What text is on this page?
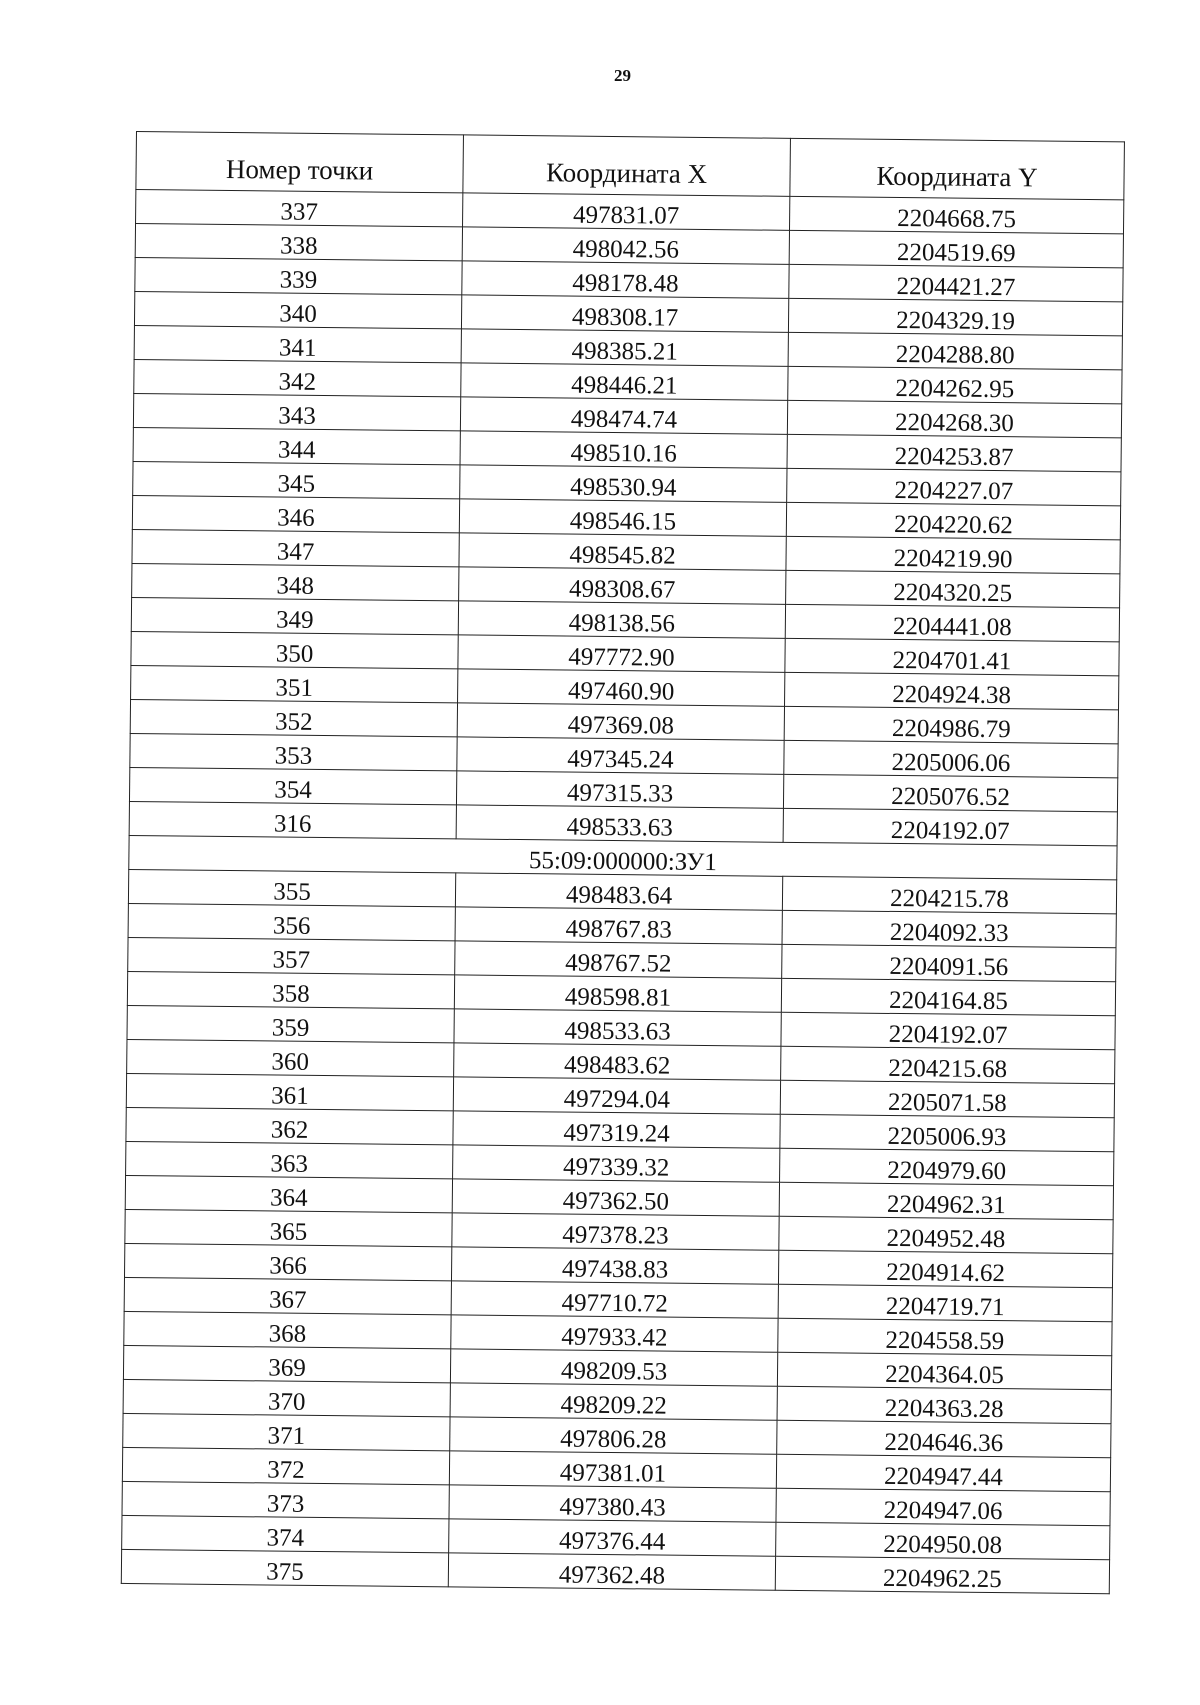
29
Номер точки	Координата X	Координата Y
337	497831.07	2204668.75
338	498042.56	2204519.69
339	498178.48	2204421.27
340	498308.17	2204329.19
341	498385.21	2204288.80
342	498446.21	2204262.95
343	498474.74	2204268.30
344	498510.16	2204253.87
345	498530.94	2204227.07
346	498546.15	2204220.62
347	498545.82	2204219.90
348	498308.67	2204320.25
349	498138.56	2204441.08
350	497772.90	2204701.41
351	497460.90	2204924.38
352	497369.08	2204986.79
353	497345.24	2205006.06
354	497315.33	2205076.52
316	498533.63	2204192.07
55:09:000000:ЗУ1		
355	498483.64	2204215.78
356	498767.83	2204092.33
357	498767.52	2204091.56
358	498598.81	2204164.85
359	498533.63	2204192.07
360	498483.62	2204215.68
361	497294.04	2205071.58
362	497319.24	2205006.93
363	497339.32	2204979.60
364	497362.50	2204962.31
365	497378.23	2204952.48
366	497438.83	2204914.62
367	497710.72	2204719.71
368	497933.42	2204558.59
369	498209.53	2204364.05
370	498209.22	2204363.28
371	497806.28	2204646.36
372	497381.01	2204947.44
373	497380.43	2204947.06
374	497376.44	2204950.08
375	497362.48	2204962.25
